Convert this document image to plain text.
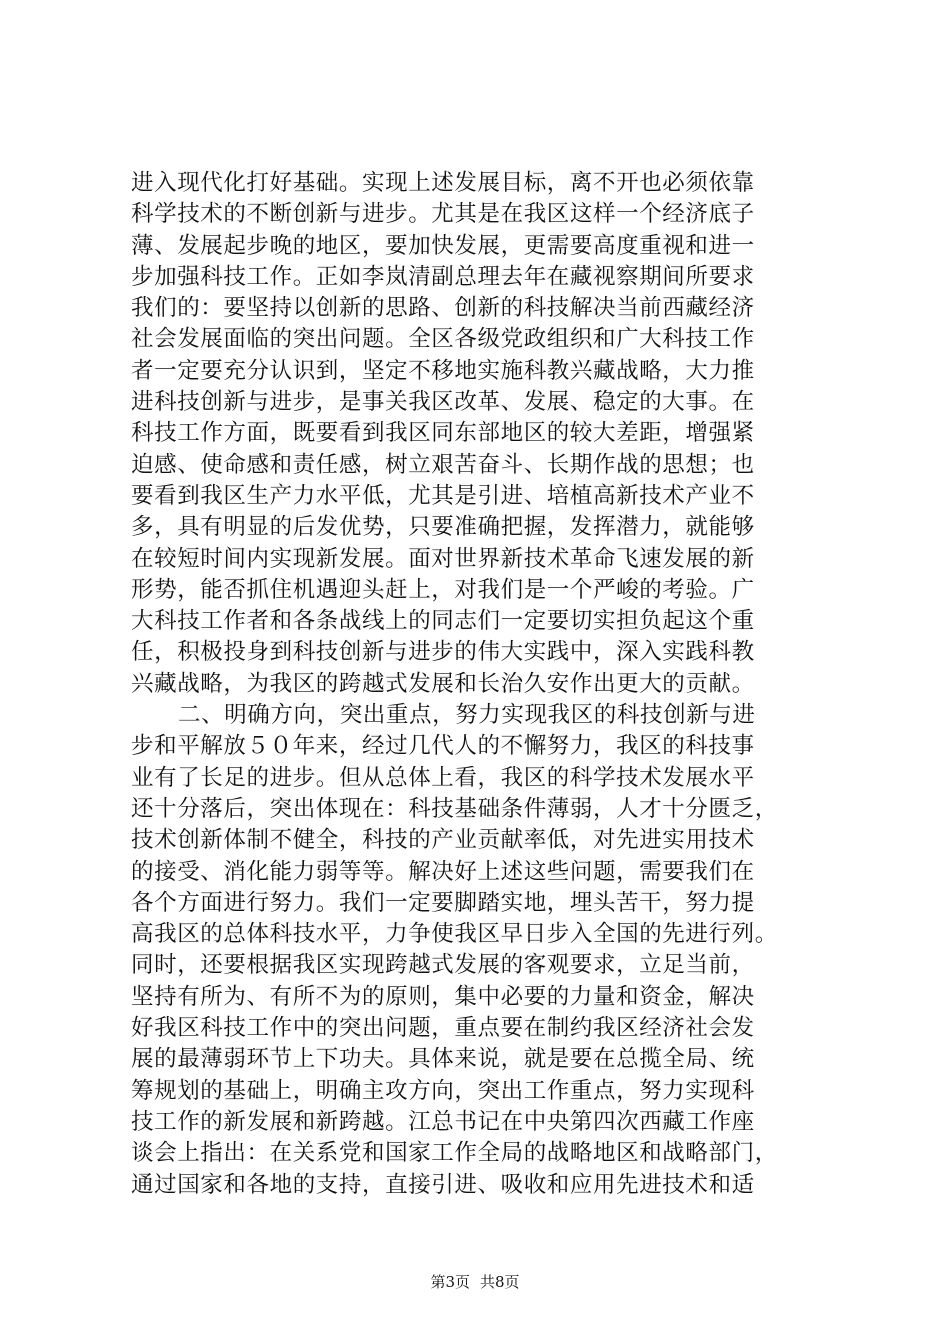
进入现代化打好基础。实现上述发展目标，离不开也必须依靠
科学技术的不断创新与进步。尤其是在我区这样一个经济底子
薄、发展起步晚的地区，要加快发展，更需要高度重视和进一
步加强科技工作。正如李岚清副总理去年在藏视察期间所要求
我们的：要坚持以创新的思路、创新的科技解决当前西藏经济
社会发展面临的突出问题。全区各级党政组织和广大科技工作
者一定要充分认识到，坚定不移地实施科教兴藏战略，大力推
进科技创新与进步，是事关我区改革、发展、稳定的大事。在
科技工作方面，既要看到我区同东部地区的较大差距，增强紧
迫感、使命感和责任感，树立艰苦奋斗、长期作战的思想；也
要看到我区生产力水平低，尤其是引进、培植高新技术产业不
多，具有明显的后发优势，只要准确把握，发挥潜力，就能够
在较短时间内实现新发展。面对世界新技术革命飞速发展的新
形势，能否抓住机遇迎头赶上，对我们是一个严峻的考验。广
大科技工作者和各条战线上的同志们一定要切实担负起这个重
任，积极投身到科技创新与进步的伟大实践中，深入实践科教
兴藏战略，为我区的跨越式发展和长治久安作出更大的贡献。
二、明确方向，突出重点，努力实现我区的科技创新与进
步和平解放５０年来，经过几代人的不懈努力，我区的科技事
业有了长足的进步。但从总体上看，我区的科学技术发展水平
还十分落后，突出体现在：科技基础条件薄弱，人才十分匮乏，
技术创新体制不健全，科技的产业贡献率低，对先进实用技术
的接受、消化能力弱等等。解决好上述这些问题，需要我们在
各个方面进行努力。我们一定要脚踏实地，埋头苦干，努力提
高我区的总体科技水平，力争使我区早日步入全国的先进行列。
同时，还要根据我区实现跨越式发展的客观要求，立足当前，
坚持有所为、有所不为的原则，集中必要的力量和资金，解决
好我区科技工作中的突出问题，重点要在制约我区经济社会发
展的最薄弱环节上下功夫。具体来说，就是要在总揽全局、统
筹规划的基础上，明确主攻方向，突出工作重点，努力实现科
技工作的新发展和新跨越。江总书记在中央第四次西藏工作座
谈会上指出：在关系党和国家工作全局的战略地区和战略部门，
通过国家和各地的支持，直接引进、吸收和应用先进技术和适
第3页 共8页
